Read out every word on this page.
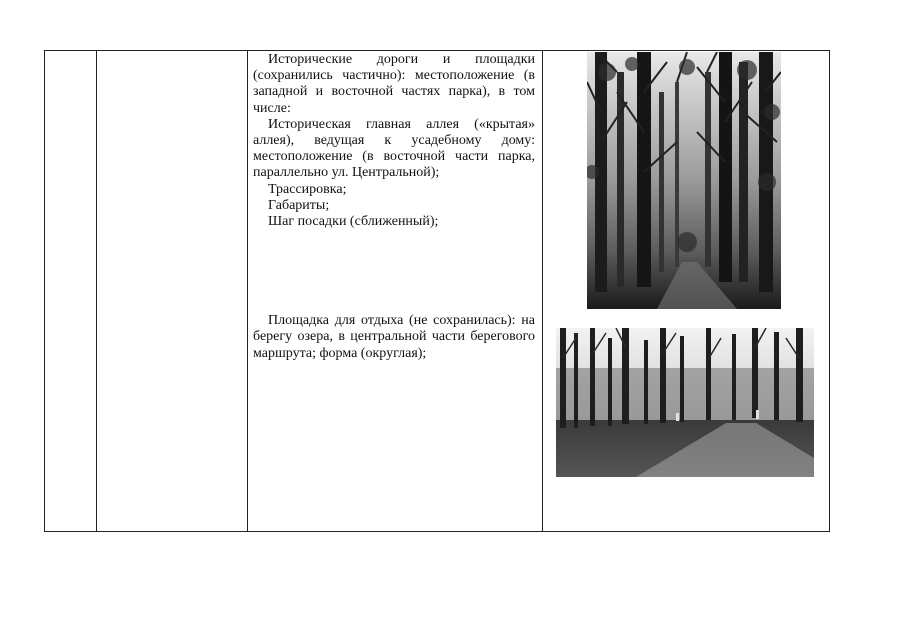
Исторические дороги и площадки (сохранились частично): местоположение (в западной и восточной частях парка), в том числе:

Историческая главная аллея («крытая» аллея), ведущая к усадебному дому: местоположение (в восточной части парка, параллельно ул. Центральной);

Трассировка;

Габариты;

Шаг посадки (сближенный);

Площадка для отдыха (не сохранилась): на берегу озера, в центральной части берегового маршрута; форма (округлая);
